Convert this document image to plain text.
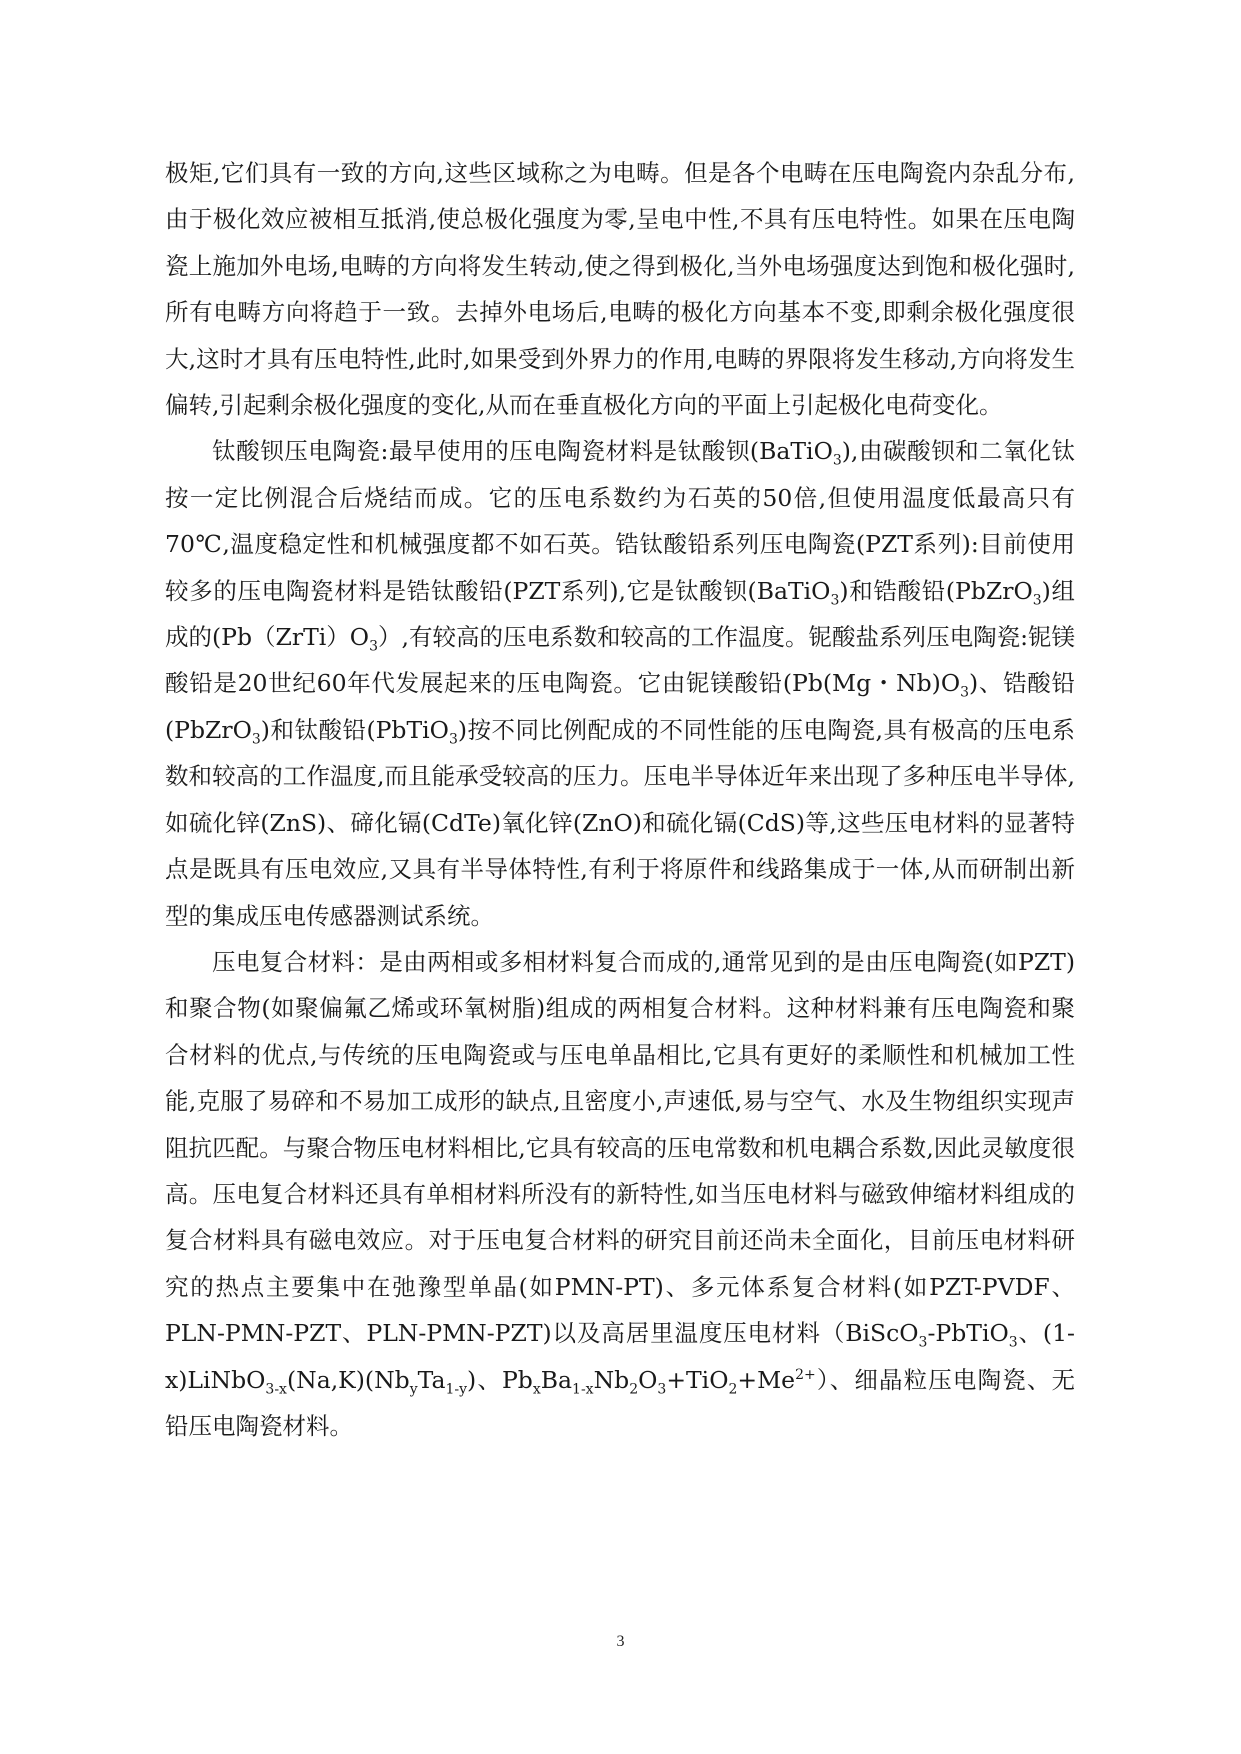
极矩,它们具有一致的方向,这些区域称之为电畴。但是各个电畴在压电陶瓷内杂乱分布,由于极化效应被相互抵消,使总极化强度为零,呈电中性,不具有压电特性。如果在压电陶瓷上施加外电场,电畴的方向将发生转动,使之得到极化,当外电场强度达到饱和极化强时,所有电畴方向将趋于一致。去掉外电场后,电畴的极化方向基本不变,即剩余极化强度很大,这时才具有压电特性,此时,如果受到外界力的作用,电畴的界限将发生移动,方向将发生偏转,引起剩余极化强度的变化,从而在垂直极化方向的平面上引起极化电荷变化。

钛酸钡压电陶瓷:最早使用的压电陶瓷材料是钛酸钡(BaTiO$_3$),由碳酸钡和二氧化钛按一定比例混合后烧结而成。它的压电系数约为石英的50倍,但使用温度低最高只有70℃,温度稳定性和机械强度都不如石英。锆钛酸铅系列压电陶瓷(PZT系列):目前使用较多的压电陶瓷材料是锆钛酸铅(PZT系列),它是钛酸钡(BaTiO$_3$)和锆酸铅(PbZrO$_3$)组成的$(Pb(ZrTi)O_3)$,有较高的压电系数和较高的工作温度。铌酸盐系列压电陶瓷:铌镁酸铅是20世纪60年代发展起来的压电陶瓷。它由铌镁酸铅(Pb(Mg・$Nb)O_3$)、锆酸铅(PbZrO$_3$)和钛酸铅(PbTiO$_3$)按不同比例配成的不同性能的压电陶瓷,具有极高的压电系数和较高的工作温度,而且能承受较高的压力。压电半导体近年来出现了多种压电半导体,如硫化锌(ZnS)、碲化镉(CdTe)氧化锌(ZnO)和硫化镉(CdS)等,这些压电材料的显著特点是既具有压电效应,又具有半导体特性,有利于将原件和线路集成于一体,从而研制出新型的集成压电传感器测试系统。

压电复合材料：是由两相或多相材料复合而成的,通常见到的是由压电陶瓷(如PZT)和聚合物(如聚偏氟乙烯或环氧树脂)组成的两相复合材料。这种材料兼有压电陶瓷和聚合材料的优点,与传统的压电陶瓷或与压电单晶相比,它具有更好的柔顺性和机械加工性能,克服了易碎和不易加工成形的缺点,且密度小,声速低,易与空气、水及生物组织实现声阻抗匹配。与聚合物压电材料相比,它具有较高的压电常数和机电耦合系数,因此灵敏度很高。压电复合材料还具有单相材料所没有的新特性,如当压电材料与磁致伸缩材料组成的复合材料具有磁电效应。对于压电复合材料的研究目前还尚未全面化，目前压电材料研究的热点主要集中在弛豫型单晶(如PMN-PT)、多元体系复合材料(如PZT-PVDF、PLN-PMN-PZT、PLN-PMN-PZT)以及高居里温度压电材料（BiScO$_3$-PbTiO$_3$、$(1-x)LiNbO_{3-x}(Na,K)(Nb_yTa_{1-y})$、$Pb_xBa_{1-x}Nb_2O_3+TiO_2+Me^{2+}$）、细晶粒压电陶瓷、无铅压电陶瓷材料。

3
